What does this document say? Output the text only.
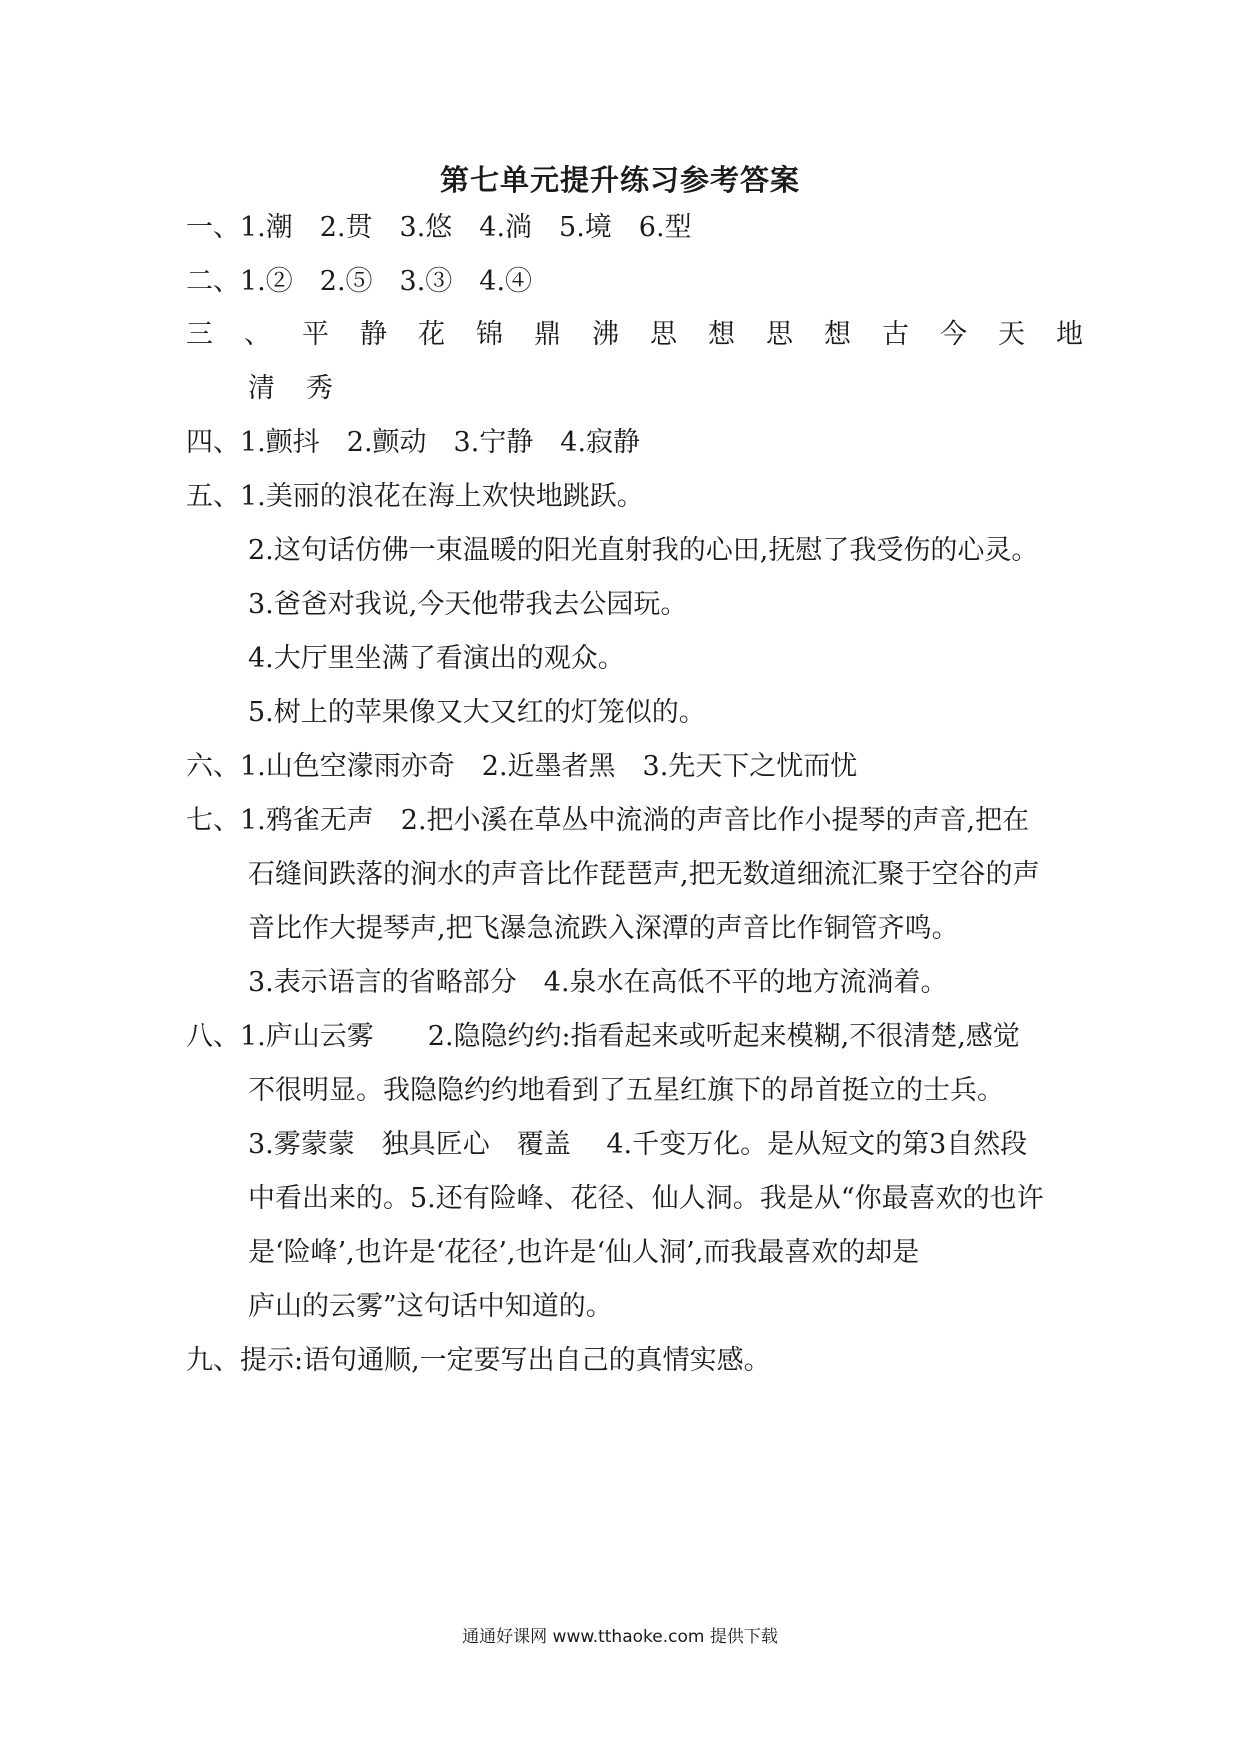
第七单元提升练习参考答案
一、1.潮　2.贯　3.悠　4.淌　5.境　6.型
二、1.②　2.⑤　3.③　4.④
三、平静花锦鼎沸思想思想古今天地
清秀
四、1.颤抖　2.颤动　3.宁静　4.寂静
五、1.美丽的浪花在海上欢快地跳跃。
2.这句话仿佛一束温暖的阳光直射我的心田,抚慰了我受伤的心灵。
3.爸爸对我说,今天他带我去公园玩。
4.大厅里坐满了看演出的观众。
5.树上的苹果像又大又红的灯笼似的。
六、1.山色空濛雨亦奇　2.近墨者黑　3.先天下之忧而忧
七、1.鸦雀无声　2.把小溪在草丛中流淌的声音比作小提琴的声音,把在
石缝间跌落的涧水的声音比作琵琶声,把无数道细流汇聚于空谷的声
音比作大提琴声,把飞瀑急流跌入深潭的声音比作铜管齐鸣。
3.表示语言的省略部分　4.泉水在高低不平的地方流淌着。
八、1.庐山云雾　　2.隐隐约约:指看起来或听起来模糊,不很清楚,感觉
不很明显。我隐隐约约地看到了五星红旗下的昂首挺立的士兵。
3.雾蒙蒙　独具匠心　覆盖　 4.千变万化。是从短文的第3自然段
中看出来的。5.还有险峰、花径、仙人洞。我是从“你最喜欢的也许
是‘险峰’,也许是‘花径’,也许是‘仙人洞’,而我最喜欢的却是
庐山的云雾”这句话中知道的。
九、提示:语句通顺,一定要写出自己的真情实感。
通通好课网 www.tthaoke.com 提供下载
